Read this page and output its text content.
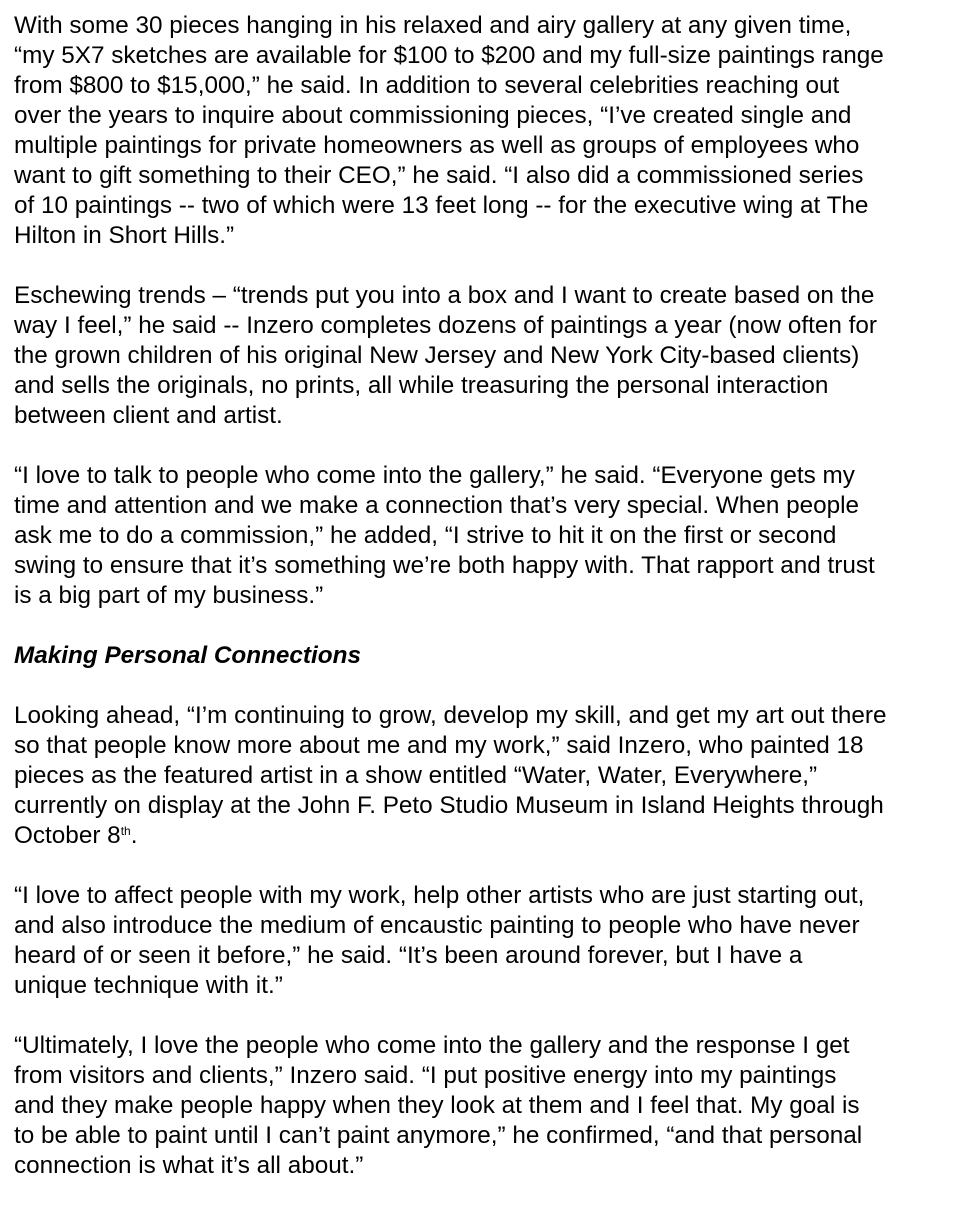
With some 30 pieces hanging in his relaxed and airy gallery at any given time,
“my 5X7 sketches are available for $100 to $200 and my full-size paintings range
from $800 to $15,000,” he said. In addition to several celebrities reaching out
over the years to inquire about commissioning pieces, “I’ve created single and
multiple paintings for private homeowners as well as groups of employees who
want to gift something to their CEO,” he said. “I also did a commissioned series
of 10 paintings -- two of which were 13 feet long -- for the executive wing at The
Hilton in Short Hills.”

Eschewing trends – “trends put you into a box and I want to create based on the
way I feel,” he said -- Inzero completes dozens of paintings a year (now often for
the grown children of his original New Jersey and New York City-based clients)
and sells the originals, no prints, all while treasuring the personal interaction
between client and artist.

“I love to talk to people who come into the gallery,” he said. “Everyone gets my
time and attention and we make a connection that’s very special. When people
ask me to do a commission,” he added, “I strive to hit it on the first or second
swing to ensure that it’s something we’re both happy with. That rapport and trust
is a big part of my business.”

Making Personal Connections

Looking ahead, “I’m continuing to grow, develop my skill, and get my art out there
so that people know more about me and my work,” said Inzero, who painted 18
pieces as the featured artist in a show entitled “Water, Water, Everywhere,”
currently on display at the John F. Peto Studio Museum in Island Heights through
October 8th.

“I love to affect people with my work, help other artists who are just starting out,
and also introduce the medium of encaustic painting to people who have never
heard of or seen it before,” he said. “It’s been around forever, but I have a
unique technique with it.”

“Ultimately, I love the people who come into the gallery and the response I get
from visitors and clients,” Inzero said. “I put positive energy into my paintings
and they make people happy when they look at them and I feel that. My goal is
to be able to paint until I can’t paint anymore,” he confirmed, “and that personal
connection is what it’s all about.”
